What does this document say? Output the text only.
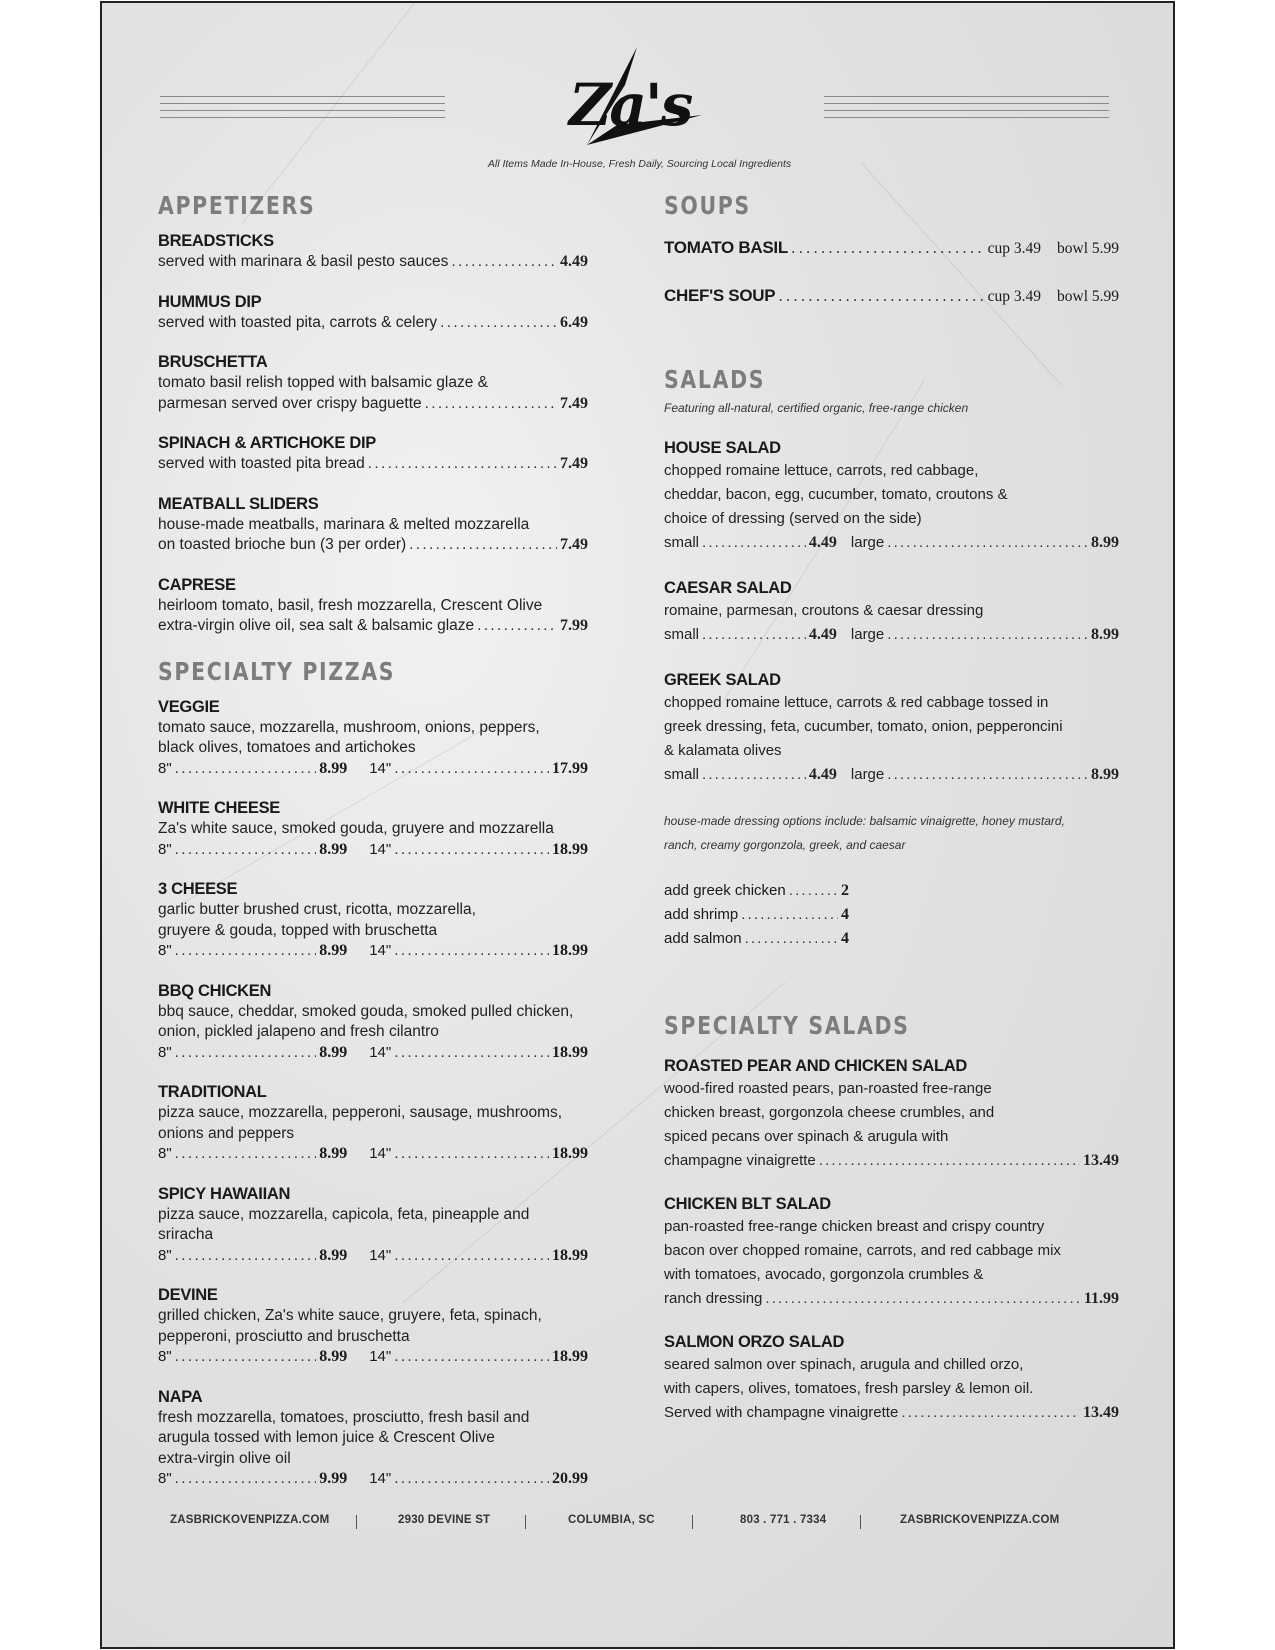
Za's
All Items Made In-House, Fresh Daily, Sourcing Local Ingredients
APPETIZERS
BREADSTICKS
served with marinara & basil pesto sauces . . .	4.49
HUMMUS DIP
served with toasted pita, carrots & celery . . .	6.49
BRUSCHETTA
tomato basil relish topped with balsamic glaze &
parmesan served over crispy baguette . . .	7.49
SPINACH & ARTICHOKE DIP
served with toasted pita bread . . .	7.49
MEATBALL SLIDERS
house-made meatballs, marinara & melted mozzarella
on toasted brioche bun (3 per order) . . .	7.49
CAPRESE
heirloom tomato, basil, fresh mozzarella, Crescent Olive
extra-virgin olive oil, sea salt & balsamic glaze . . .	7.99
SPECIALTY PIZZAS
VEGGIE
tomato sauce, mozzarella, mushroom, onions, peppers,
black olives, tomatoes and artichokes
8" . . .	8.99 14" . . .	17.99
WHITE CHEESE
Za's white sauce, smoked gouda, gruyere and mozzarella
8" . . .	8.99 14" . . .	18.99
3 CHEESE
garlic butter brushed crust, ricotta, mozzarella,
gruyere & gouda, topped with bruschetta
8" . . .	8.99 14" . . .	18.99
BBQ CHICKEN
bbq sauce, cheddar, smoked gouda, smoked pulled chicken,
onion, pickled jalapeno and fresh cilantro
8" . . .	8.99 14" . . .	18.99
TRADITIONAL
pizza sauce, mozzarella, pepperoni, sausage, mushrooms,
onions and peppers
8" . . .	8.99 14" . . .	18.99
SPICY HAWAIIAN
pizza sauce, mozzarella, capicola, feta, pineapple and sriracha
8" . . .	8.99 14" . . .	18.99
DEVINE
grilled chicken, Za's white sauce, gruyere, feta, spinach,
pepperoni, prosciutto and bruschetta
8" . . .	8.99 14" . . .	18.99
NAPA
fresh mozzarella, tomatoes, prosciutto, fresh basil and
arugula tossed with lemon juice & Crescent Olive
extra-virgin olive oil
8" . . .	9.99 14" . . .	20.99
SOUPS
TOMATO BASIL . . .	cup 3.49 bowl 5.99
CHEF'S SOUP . . .	cup 3.49 bowl 5.99
SALADS
Featuring all-natural, certified organic, free-range chicken
HOUSE SALAD
chopped romaine lettuce, carrots, red cabbage,
cheddar, bacon, egg, cucumber, tomato, croutons &
choice of dressing (served on the side)
small . . .	4.49 large . . .	8.99
CAESAR SALAD
romaine, parmesan, croutons & caesar dressing
small . . .	4.49 large . . .	8.99
GREEK SALAD
chopped romaine lettuce, carrots & red cabbage tossed in
greek dressing, feta, cucumber, tomato, onion, pepperoncini
& kalamata olives
small . . .	4.49 large . . .	8.99
house-made dressing options include: balsamic vinaigrette, honey mustard,
ranch, creamy gorgonzola, greek, and caesar
add greek chicken . . .	2
add shrimp . . .	4
add salmon . . .	4
SPECIALTY SALADS
ROASTED PEAR AND CHICKEN SALAD
wood-fired roasted pears, pan-roasted free-range
chicken breast, gorgonzola cheese crumbles, and
spiced pecans over spinach & arugula with
champagne vinaigrette . . .	13.49
CHICKEN BLT SALAD
pan-roasted free-range chicken breast and crispy country
bacon over chopped romaine, carrots, and red cabbage mix
with tomatoes, avocado, gorgonzola crumbles &
ranch dressing . . .	11.99
SALMON ORZO SALAD
seared salmon over spinach, arugula and chilled orzo,
with capers, olives, tomatoes, fresh parsley & lemon oil.
Served with champagne vinaigrette . . .	13.49
ZASBRICKOVENPIZZA.COM	2930 DEVINE ST	COLUMBIA, SC	803 . 771 . 7334	ZASBRICKOVENPIZZA.COM
